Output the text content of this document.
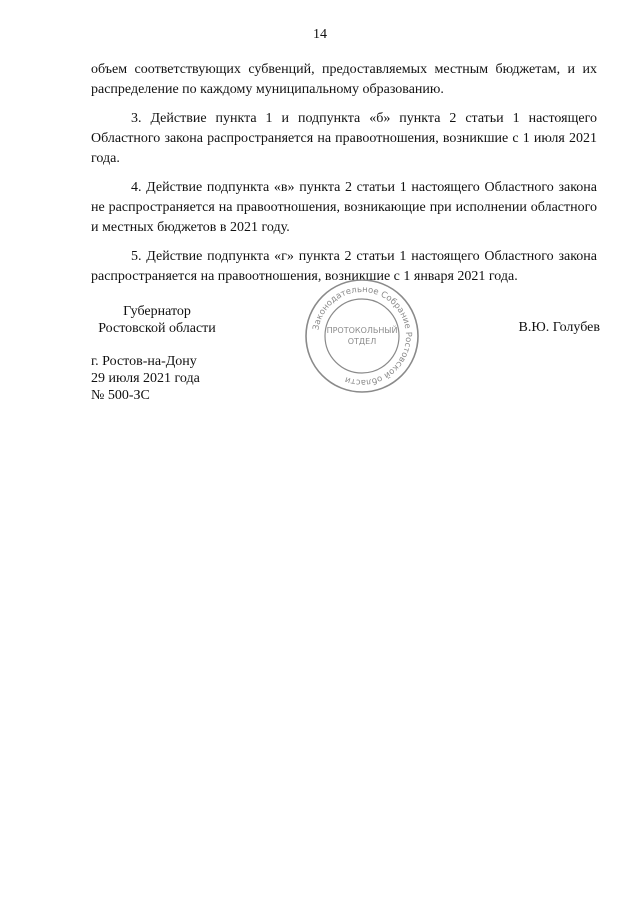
14

объем соответствующих субвенций, предоставляемых местным бюджетам, и их распределение по каждому муниципальному образованию.

3. Действие пункта 1 и подпункта «б» пункта 2 статьи 1 настоящего Областного закона распространяется на правоотношения, возникшие с 1 июля 2021 года.

4. Действие подпункта «в» пункта 2 статьи 1 настоящего Областного закона не распространяется на правоотношения, возникающие при исполнении областного и местных бюджетов в 2021 году.

5. Действие подпункта «г» пункта 2 статьи 1 настоящего Областного закона распространяется на правоотношения, возникшие с 1 января 2021 года.

Губернатор
Ростовской области	В.Ю. Голубев
г. Ростов-на-Дону
29 июля 2021 года
№ 500-ЗС
Законодательное Собрание Ростовской области
ПРОТОКОЛЬНЫЙ
ОТДЕЛ
